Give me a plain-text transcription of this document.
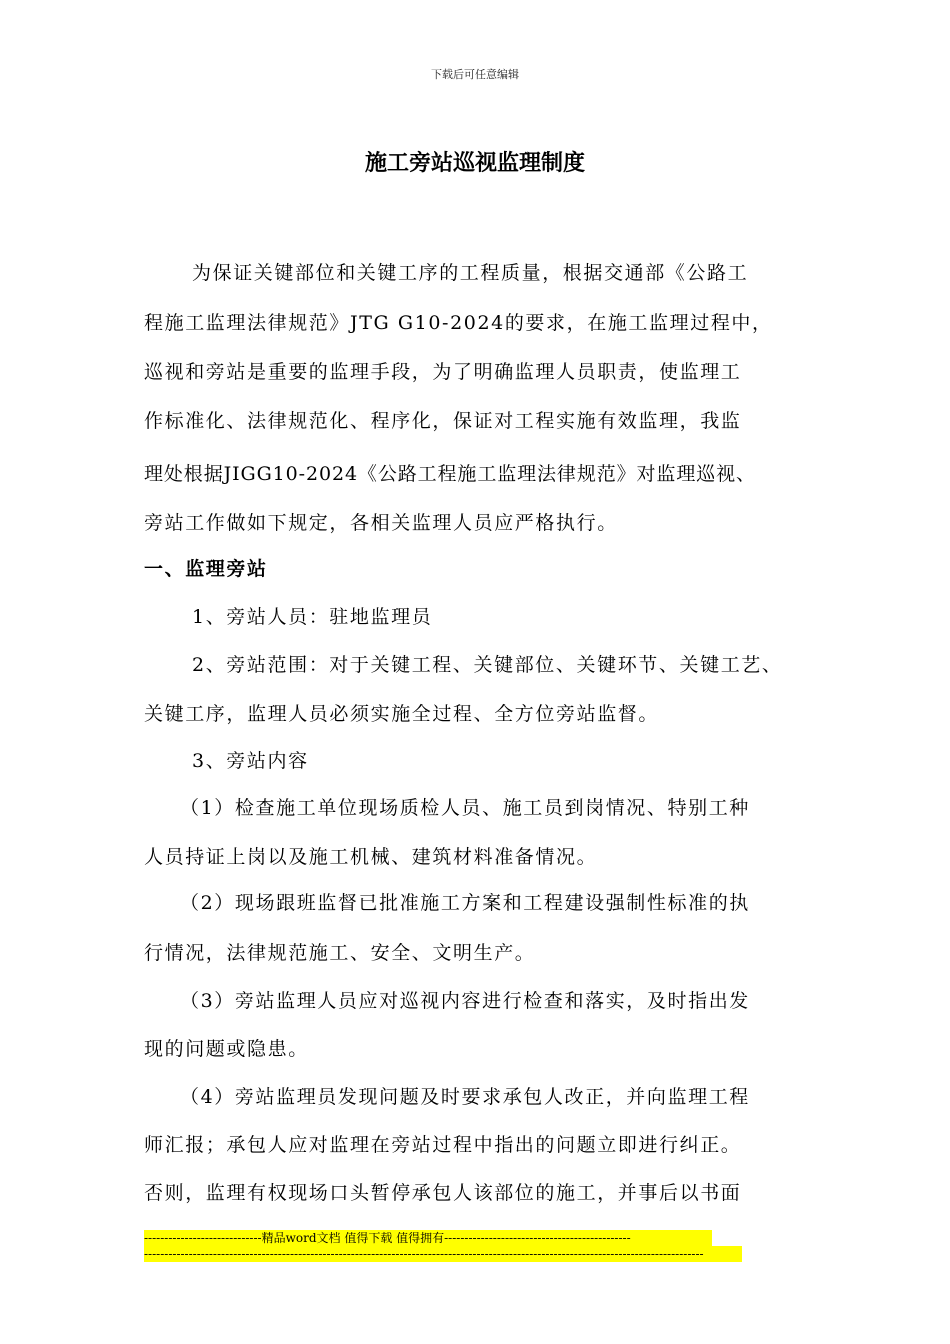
下载后可任意编辑
施工旁站巡视监理制度
为保证关键部位和关键工序的工程质量，根据交通部《公路工
程施工监理法律规范》JTG G10-2024的要求，在施工监理过程中，
巡视和旁站是重要的监理手段，为了明确监理人员职责，使监理工
作标准化、法律规范化、程序化，保证对工程实施有效监理，我监
理处根据JIGG10-2024《公路工程施工监理法律规范》对监理巡视、
旁站工作做如下规定，各相关监理人员应严格执行。
一、监理旁站
1、旁站人员：驻地监理员
2、旁站范围：对于关键工程、关键部位、关键环节、关键工艺、
关键工序，监理人员必须实施全过程、全方位旁站监督。
3、旁站内容
（1）检查施工单位现场质检人员、施工员到岗情况、特别工种
人员持证上岗以及施工机械、建筑材料准备情况。
（2）现场跟班监督已批准施工方案和工程建设强制性标准的执
行情况，法律规范施工、安全、文明生产。
（3）旁站监理人员应对巡视内容进行检查和落实，及时指出发
现的问题或隐患。
（4）旁站监理员发现问题及时要求承包人改正，并向监理工程
师汇报；承包人应对监理在旁站过程中指出的问题立即进行纠正。
否则，监理有权现场口头暂停承包人该部位的施工，并事后以书面
-----------------------------精品word文档 值得下载 值得拥有----------------------------------------------
------------------------------------------------------------------------------------------------------------------------------------------
